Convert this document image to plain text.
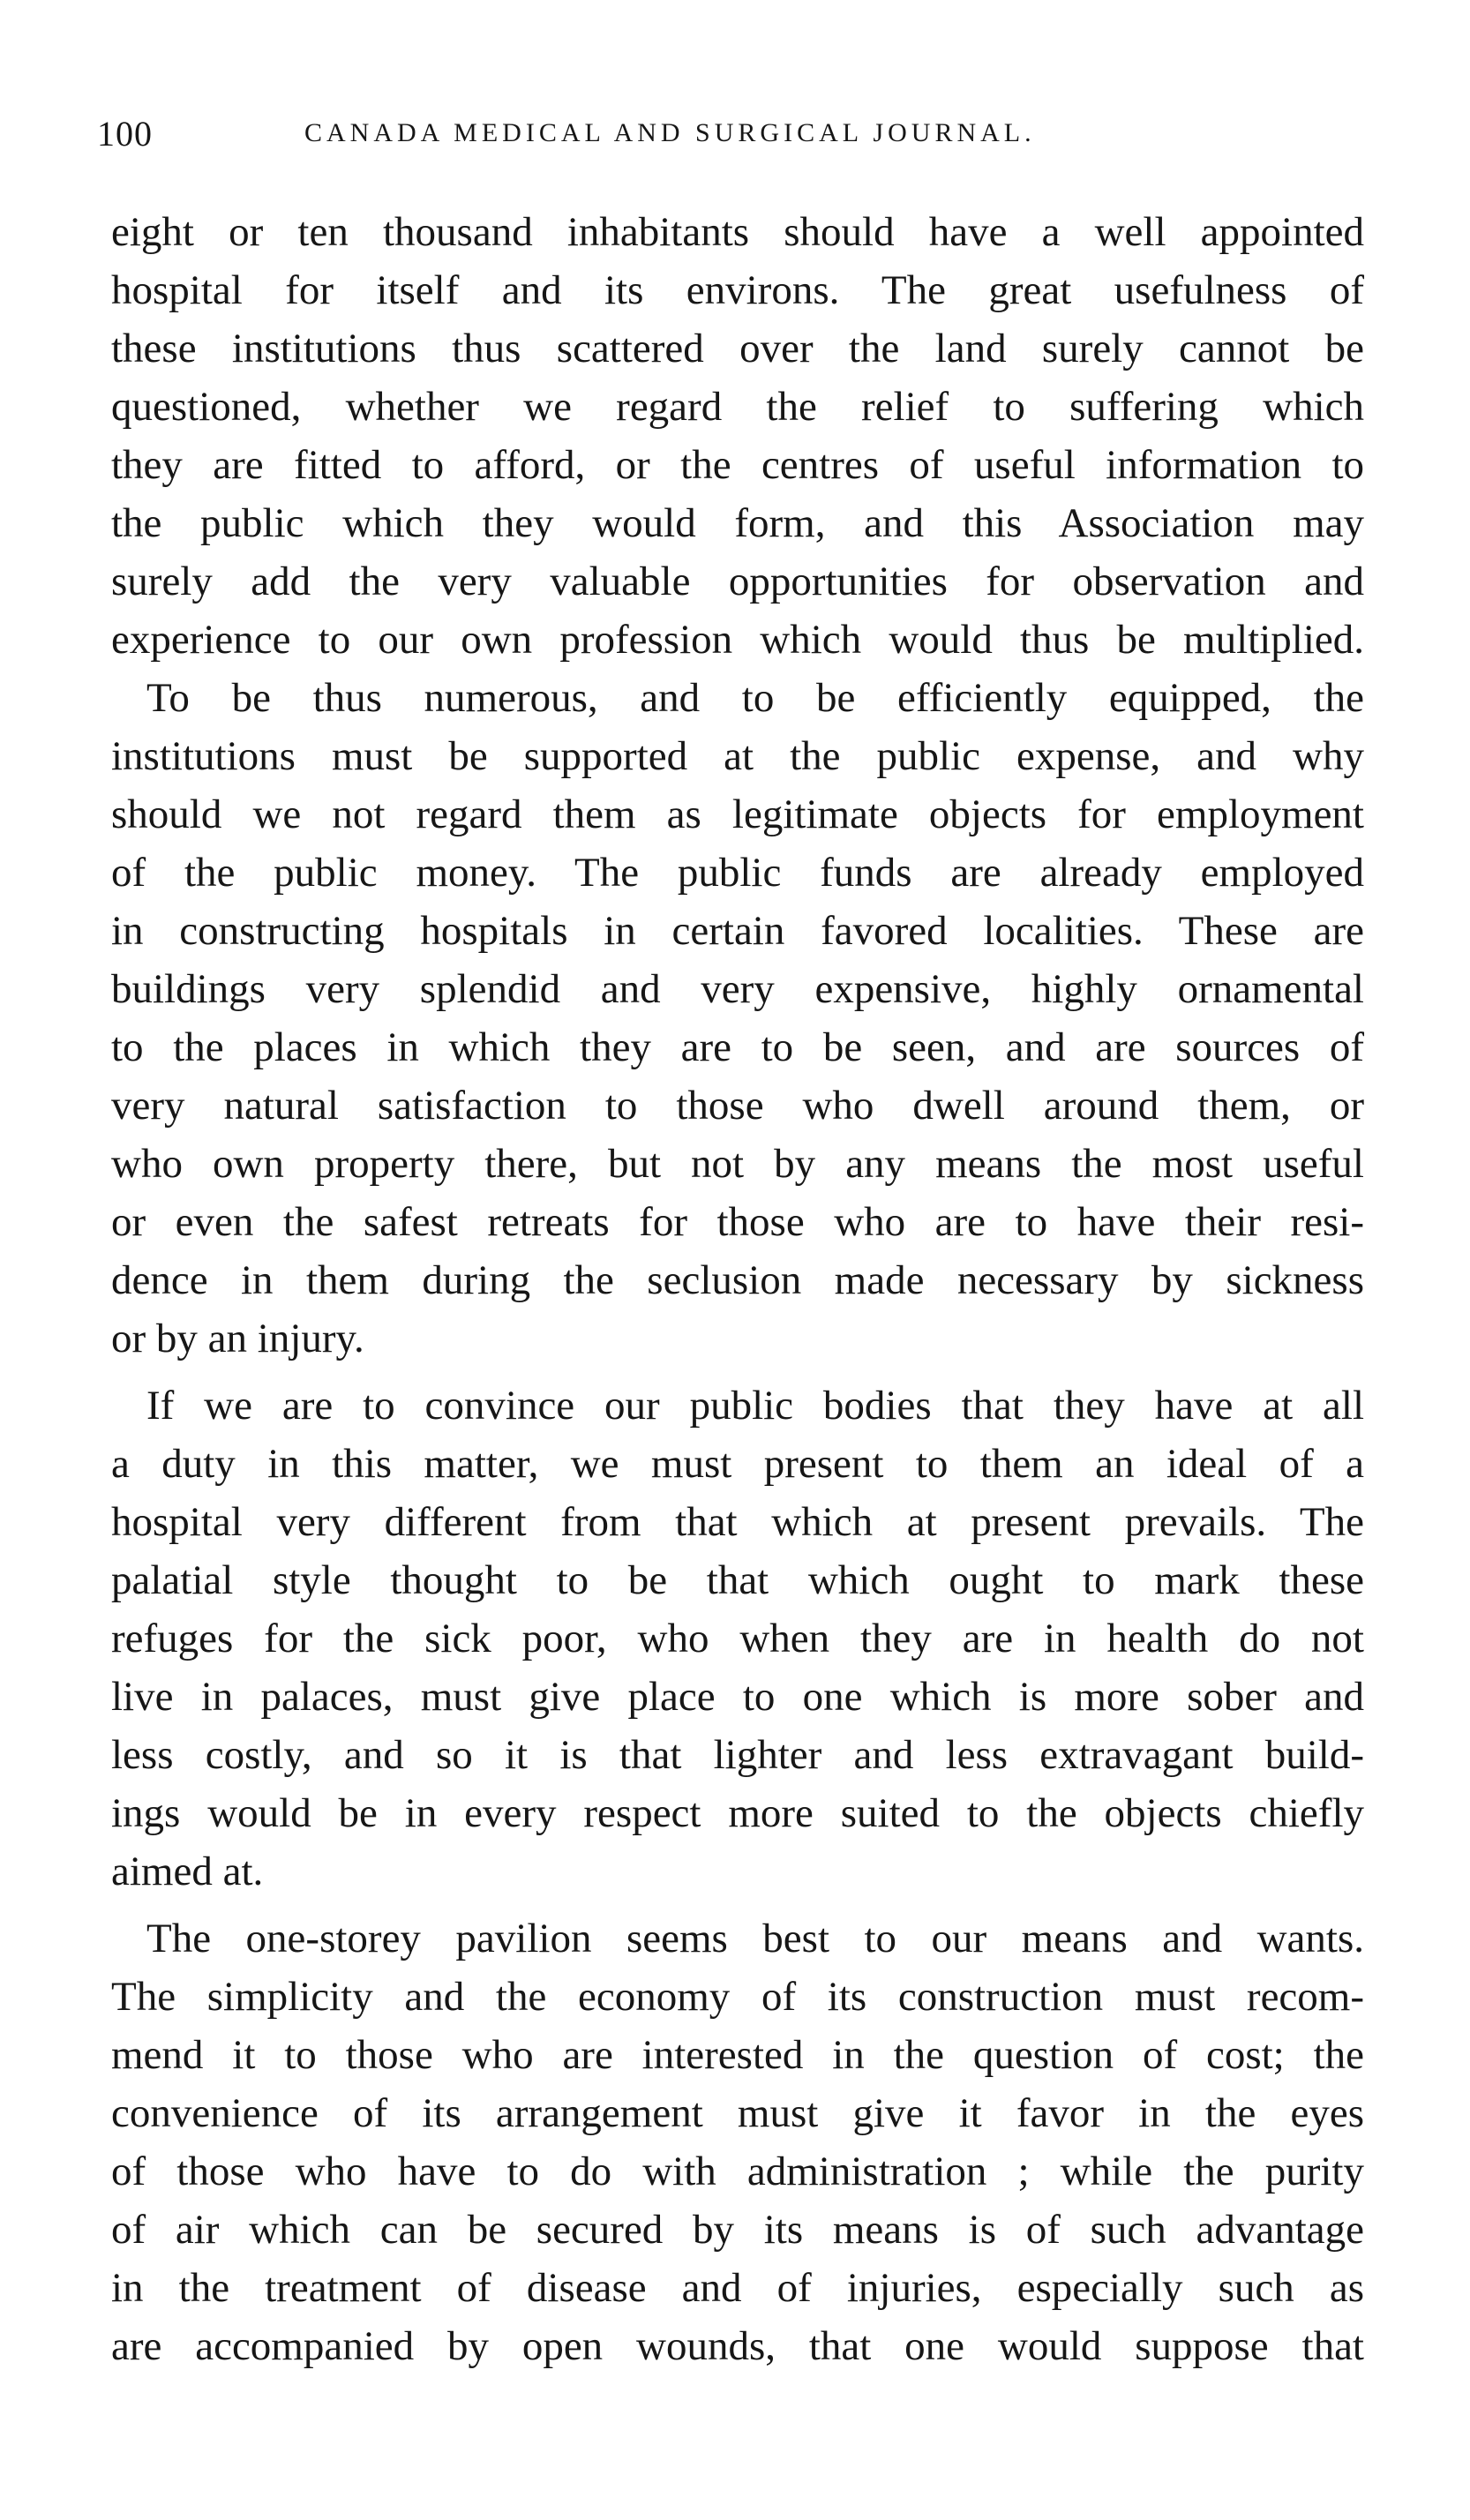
100	CANADA MEDICAL AND SURGICAL JOURNAL.
eight or ten thousand inhabitants should have a well appointed
hospital for itself and its environs. The great usefulness of
these institutions thus scattered over the land surely cannot be
questioned, whether we regard the relief to suffering which
they are fitted to afford, or the centres of useful information to
the public which they would form, and this Association may
surely add the very valuable opportunities for observation and
experience to our own profession which would thus be multiplied.
To be thus numerous, and to be efficiently equipped, the
institutions must be supported at the public expense, and why
should we not regard them as legitimate objects for employment
of the public money. The public funds are already employed
in constructing hospitals in certain favored localities. These are
buildings very splendid and very expensive, highly ornamental
to the places in which they are to be seen, and are sources of
very natural satisfaction to those who dwell around them, or
who own property there, but not by any means the most useful
or even the safest retreats for those who are to have their resi-
dence in them during the seclusion made necessary by sickness
or by an injury.
If we are to convince our public bodies that they have at all
a duty in this matter, we must present to them an ideal of a
hospital very different from that which at present prevails. The
palatial style thought to be that which ought to mark these
refuges for the sick poor, who when they are in health do not
live in palaces, must give place to one which is more sober and
less costly, and so it is that lighter and less extravagant build-
ings would be in every respect more suited to the objects chiefly
aimed at.
The one-storey pavilion seems best to our means and wants.
The simplicity and the economy of its construction must recom-
mend it to those who are interested in the question of cost; the
convenience of its arrangement must give it favor in the eyes
of those who have to do with administration ; while the purity
of air which can be secured by its means is of such advantage
in the treatment of disease and of injuries, especially such as
are accompanied by open wounds, that one would suppose that
